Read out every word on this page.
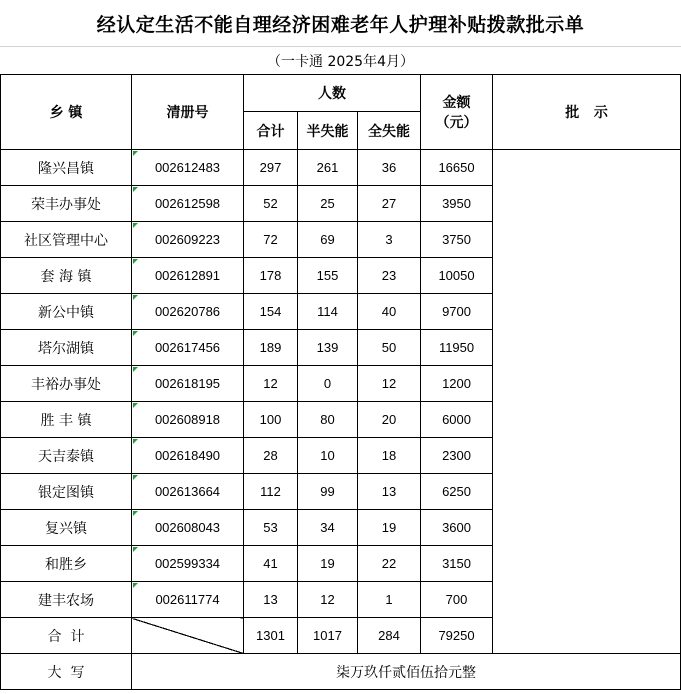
经认定生活不能自理经济困难老年人护理补贴拨款批示单
（一卡通 2025年4月）
乡 镇	清册号	人数			金额
（元）	批   示
		合计	半失能	全失能		
隆兴昌镇	002612483	297	261	36	16650	
荣丰办事处	002612598	52	25	27	3950	
社区管理中心	002609223	72	69	3	3750	
套 海 镇	002612891	178	155	23	10050	
新公中镇	002620786	154	114	40	9700	
塔尔湖镇	002617456	189	139	50	11950	
丰裕办事处	002618195	12	0	12	1200	
胜 丰 镇	002608918	100	80	20	6000	
天吉泰镇	002618490	28	10	18	2300	
银定图镇	002613664	112	99	13	6250	
复兴镇	002608043	53	34	19	3600	
和胜乡	002599334	41	19	22	3150	
建丰农场	002611774	13	12	1	700	
合  计		1301	1017	284	79250	
大  写	柒万玖仟贰佰伍拾元整					
